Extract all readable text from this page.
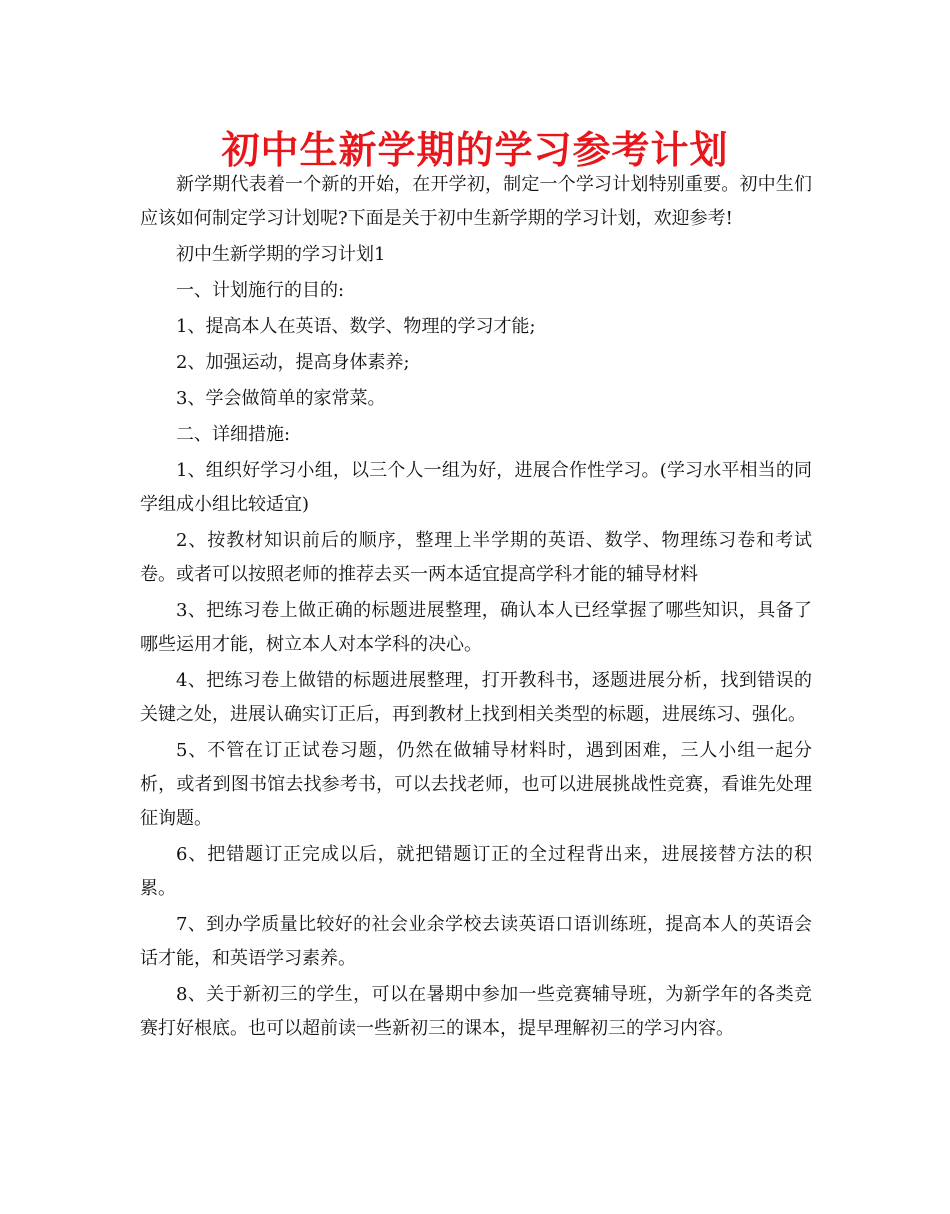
初中生新学期的学习参考计划

新学期代表着一个新的开始，在开学初，制定一个学习计划特别重要。初中生们应该如何制定学习计划呢?下面是关于初中生新学期的学习计划，欢迎参考!

初中生新学期的学习计划1

一、计划施行的目的:

1、提高本人在英语、数学、物理的学习才能;

2、加强运动，提高身体素养;

3、学会做简单的家常菜。

二、详细措施:

1、组织好学习小组，以三个人一组为好，进展合作性学习。(学习水平相当的同学组成小组比较适宜)

2、按教材知识前后的顺序，整理上半学期的英语、数学、物理练习卷和考试卷。或者可以按照老师的推荐去买一两本适宜提高学科才能的辅导材料

3、把练习卷上做正确的标题进展整理，确认本人已经掌握了哪些知识，具备了哪些运用才能，树立本人对本学科的决心。

4、把练习卷上做错的标题进展整理，打开教科书，逐题进展分析，找到错误的关键之处，进展认确实订正后，再到教材上找到相关类型的标题，进展练习、强化。

5、不管在订正试卷习题，仍然在做辅导材料时，遇到困难，三人小组一起分析，或者到图书馆去找参考书，可以去找老师，也可以进展挑战性竞赛，看谁先处理征询题。

6、把错题订正完成以后，就把错题订正的全过程背出来，进展接替方法的积累。

7、到办学质量比较好的社会业余学校去读英语口语训练班，提高本人的英语会话才能，和英语学习素养。

8、关于新初三的学生，可以在暑期中参加一些竞赛辅导班，为新学年的各类竞赛打好根底。也可以超前读一些新初三的课本，提早理解初三的学习内容。
